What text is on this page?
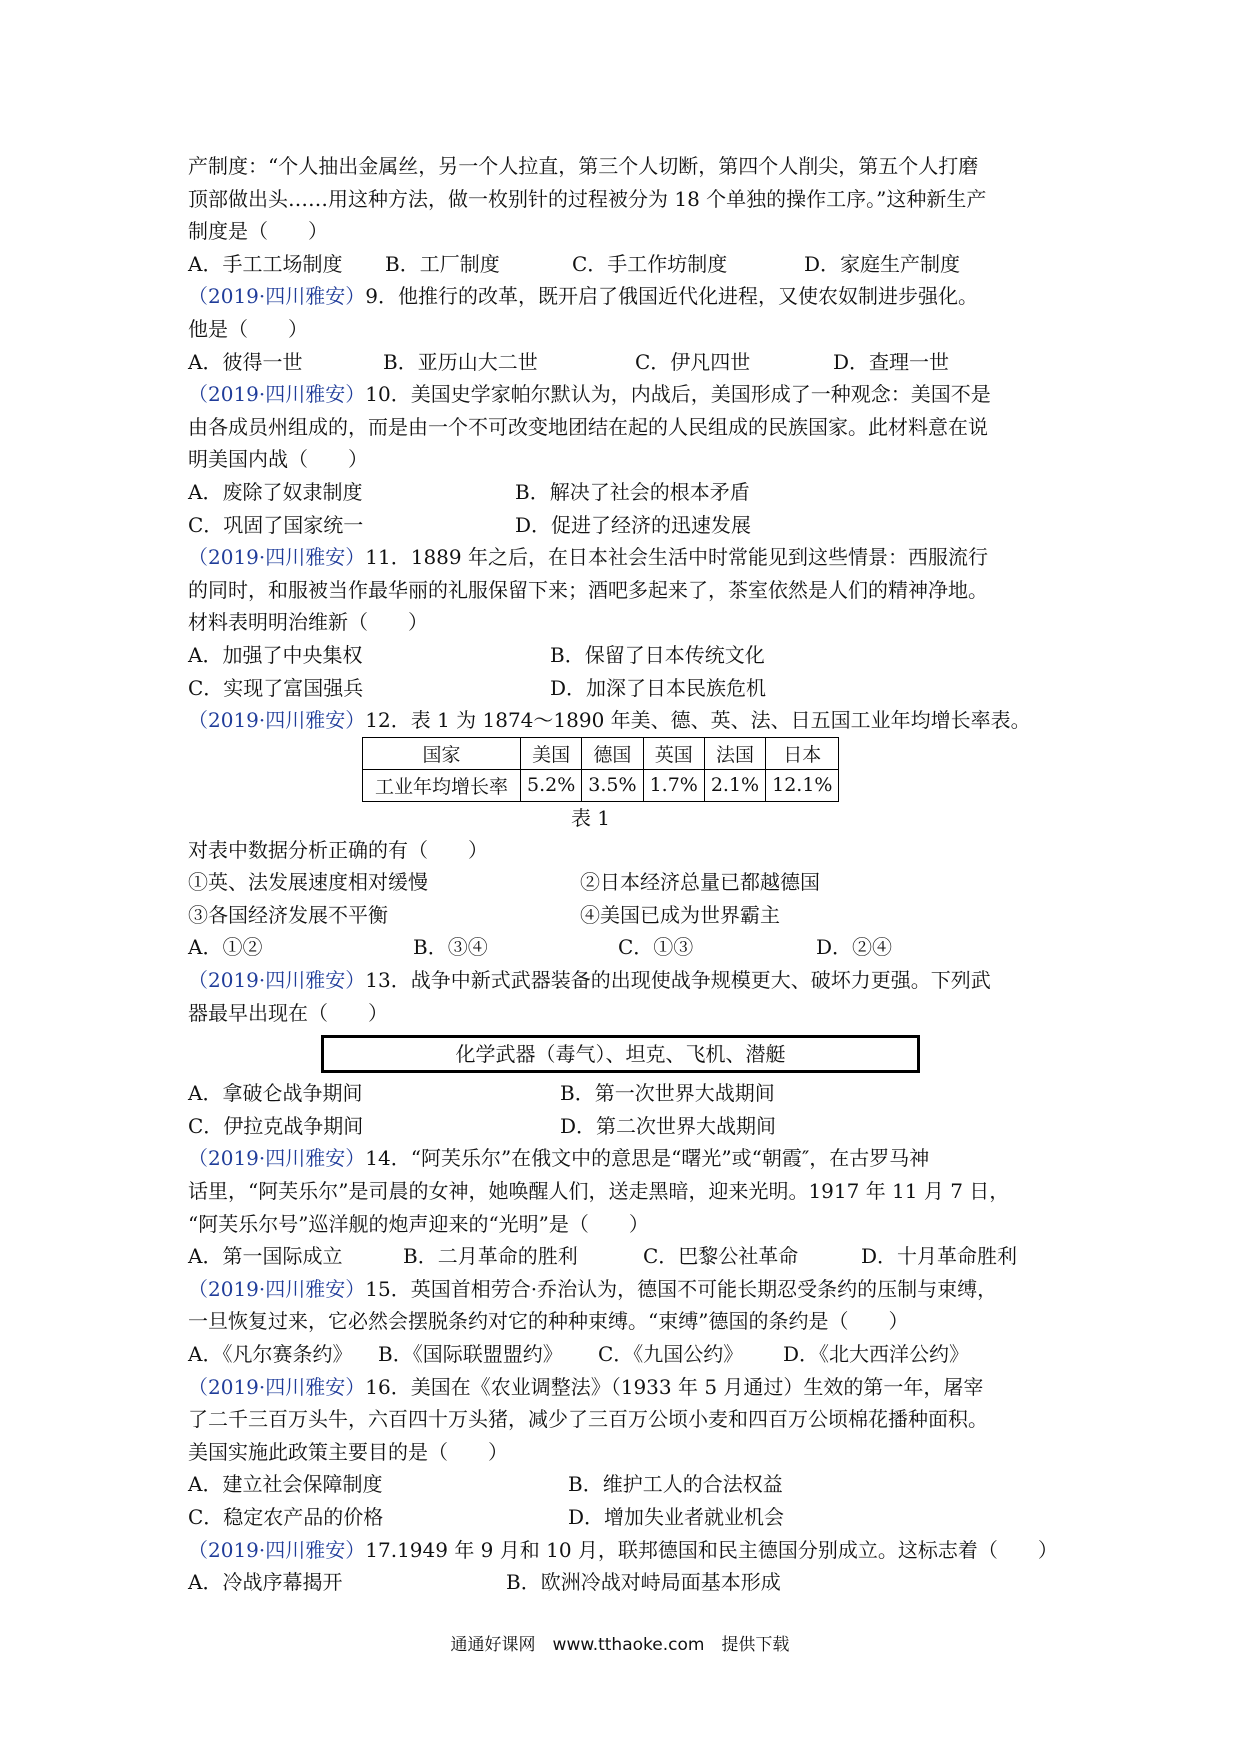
产制度：“个人抽出金属丝，另一个人拉直，第三个人切断，第四个人削尖，第五个人打磨
顶部做出头……用这种方法，做一枚别针的过程被分为 18 个单独的操作工序。”这种新生产
制度是（　　）
A．手工工场制度	B．工厂制度	C．手工作坊制度	D．家庭生产制度
（2019·四川雅安）9．他推行的改革，既开启了俄国近代化进程，又使农奴制进步强化。
他是（　　）
A．彼得一世	B．亚历山大二世	C．伊凡四世	D．查理一世
（2019·四川雅安）10．美国史学家帕尔默认为，内战后，美国形成了一种观念：美国不是
由各成员州组成的，而是由一个不可改变地团结在起的人民组成的民族国家。此材料意在说
明美国内战（　　）
A．废除了奴隶制度	B．解决了社会的根本矛盾
C．巩固了国家统一	D．促进了经济的迅速发展
（2019·四川雅安）11．1889 年之后，在日本社会生活中时常能见到这些情景：西服流行
的同时，和服被当作最华丽的礼服保留下来；酒吧多起来了，茶室依然是人们的精神净地。
材料表明明治维新（　　）
A．加强了中央集权	B．保留了日本传统文化
C．实现了富国强兵	D．加深了日本民族危机
（2019·四川雅安）12．表 1 为 1874～1890 年美、德、英、法、日五国工业年均增长率表。
国家	美国	德国	英国	法国	日本
工业年均增长率	5.2%	3.5%	1.7%	2.1%	12.1%
表 1
对表中数据分析正确的有（　　）
①英、法发展速度相对缓慢	②日本经济总量已都越德国
③各国经济发展不平衡	④美国已成为世界霸主
A．①②	B．③④	C．①③	D．②④
（2019·四川雅安）13．战争中新式武器装备的出现使战争规模更大、破坏力更强。下列武
器最早出现在（　　）
化学武器（毒气）、坦克、飞机、潜艇
A．拿破仑战争期间	B．第一次世界大战期间
C．伊拉克战争期间	D．第二次世界大战期间
（2019·四川雅安）14．“阿芙乐尔”在俄文中的意思是“曙光”或“朝霞″，在古罗马神
话里，“阿芙乐尔”是司晨的女神，她唤醒人们，送走黑暗，迎来光明。1917 年 11 月 7 日，
“阿芙乐尔号”巡洋舰的炮声迎来的“光明”是（　　）
A．第一国际成立	B．二月革命的胜利	C．巴黎公社革命	D．十月革命胜利
（2019·四川雅安）15．英国首相劳合·乔治认为，德国不可能长期忍受条约的压制与束缚，
一旦恢复过来，它必然会摆脱条约对它的种种束缚。“束缚”德国的条约是（　　）
A．《凡尔赛条约》	B．《国际联盟盟约》	C．《九国公约》	D．《北大西洋公约》
（2019·四川雅安）16．美国在《农业调整法》（1933 年 5 月通过）生效的第一年，屠宰
了二千三百万头牛，六百四十万头猪，减少了三百万公顷小麦和四百万公顷棉花播种面积。
美国实施此政策主要目的是（　　）
A．建立社会保障制度	B．维护工人的合法权益
C．稳定农产品的价格	D．增加失业者就业机会
（2019·四川雅安）17.1949 年 9 月和 10 月，联邦德国和民主德国分别成立。这标志着（　　）
A．冷战序幕揭开	B．欧洲冷战对峙局面基本形成
通通好课网　www.tthaoke.com　提供下载
